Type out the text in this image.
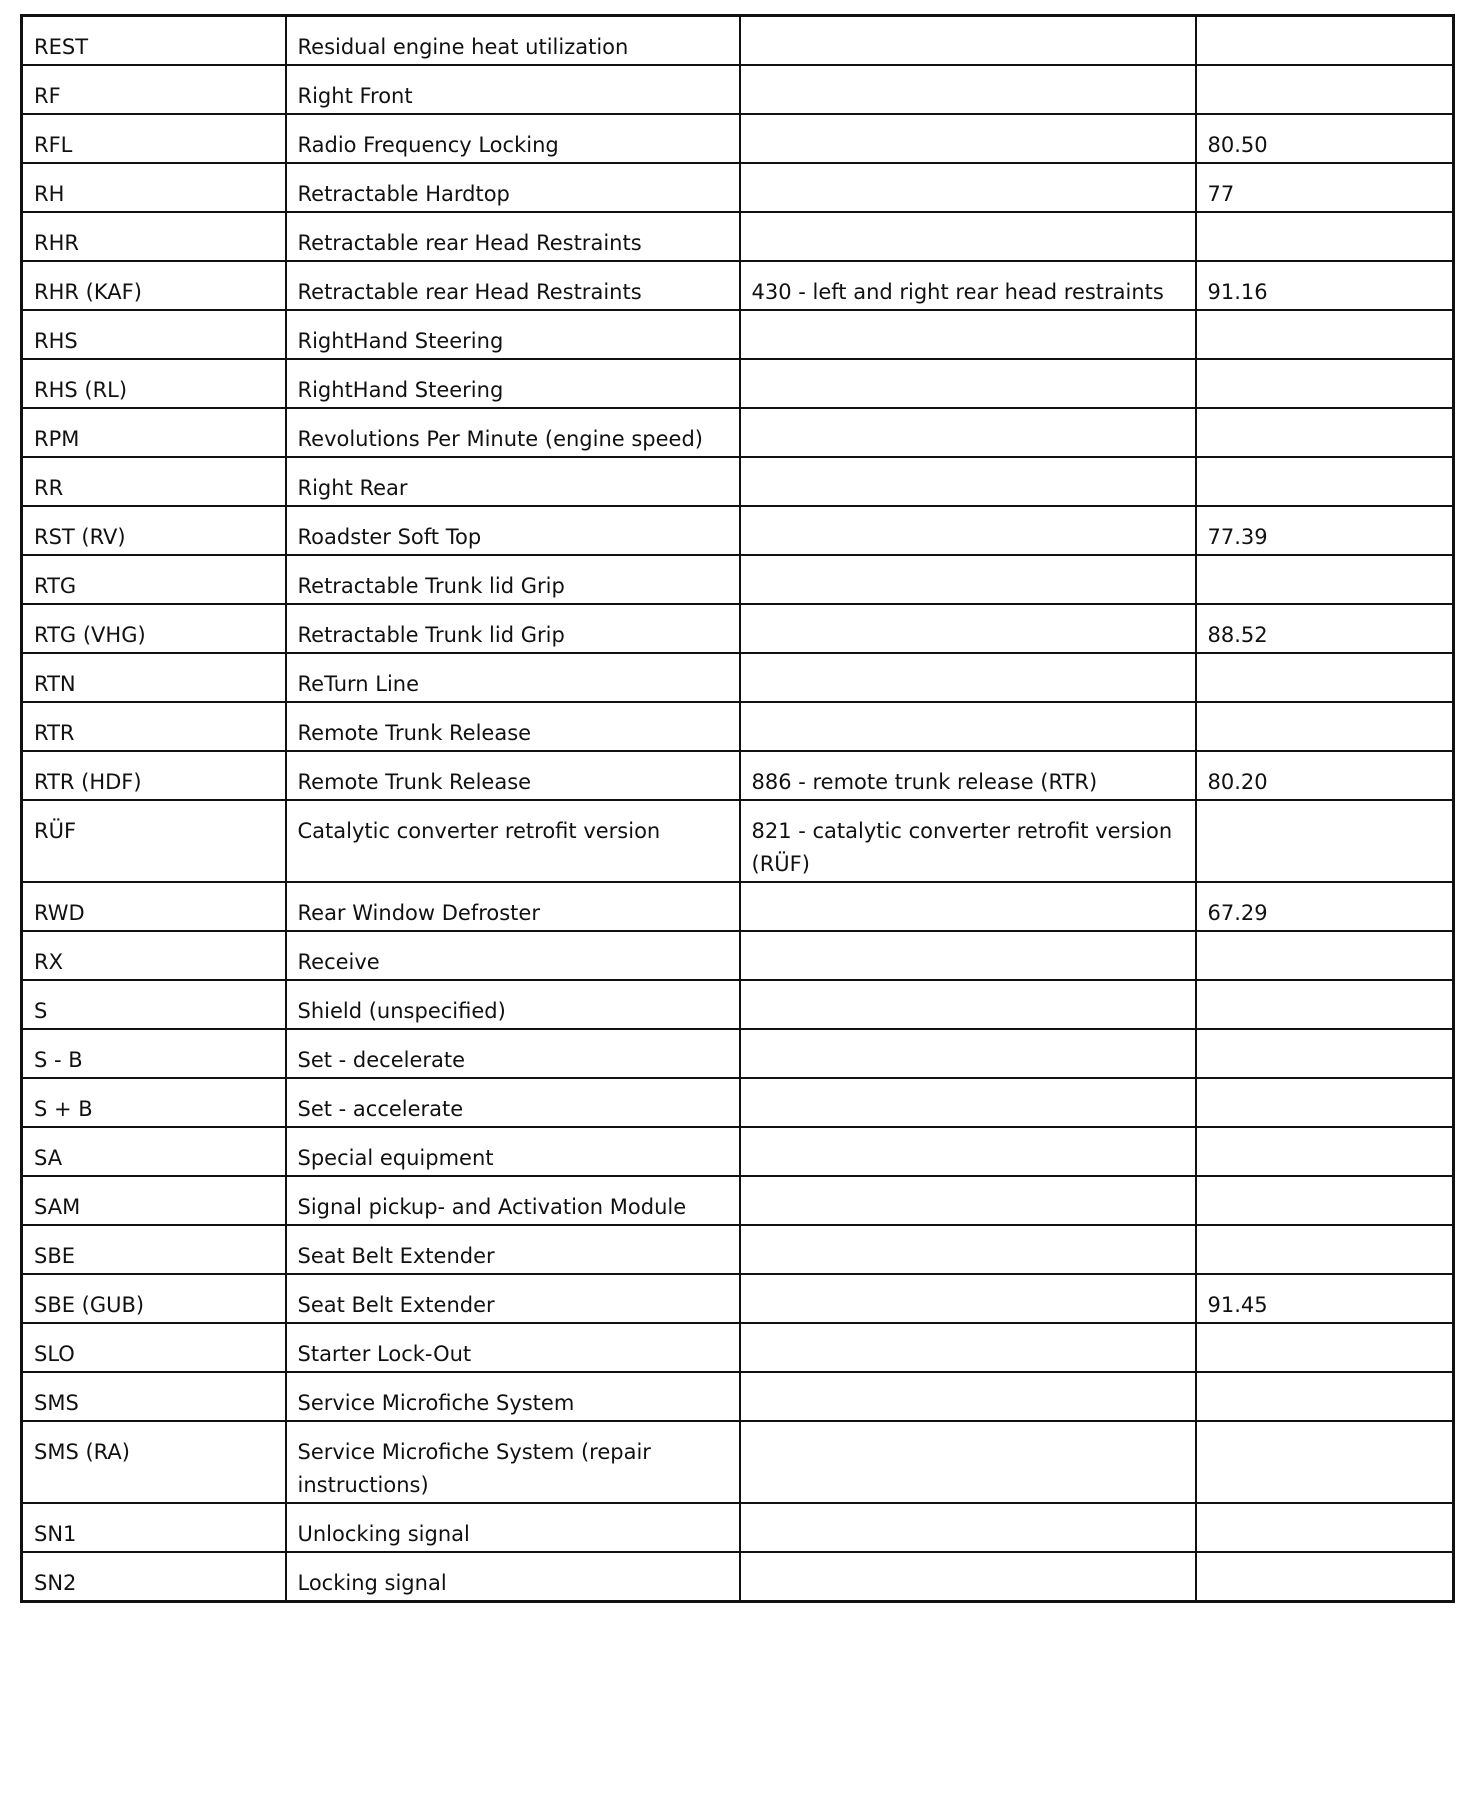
REST	Residual engine heat utilization		
RF	Right Front		
RFL	Radio Frequency Locking		80.50
RH	Retractable Hardtop		77
RHR	Retractable rear Head Restraints		
RHR (KAF)	Retractable rear Head Restraints	430 - left and right rear head restraints	91.16
RHS	RightHand Steering		
RHS (RL)	RightHand Steering		
RPM	Revolutions Per Minute (engine speed)		
RR	Right Rear		
RST (RV)	Roadster Soft Top		77.39
RTG	Retractable Trunk lid Grip		
RTG (VHG)	Retractable Trunk lid Grip		88.52
RTN	ReTurn Line		
RTR	Remote Trunk Release		
RTR (HDF)	Remote Trunk Release	886 - remote trunk release (RTR)	80.20
RÜF	Catalytic converter retrofit version	821 - catalytic converter retrofit version (RÜF)	
RWD	Rear Window Defroster		67.29
RX	Receive		
S	Shield (unspecified)		
S - B	Set - decelerate		
S + B	Set - accelerate		
SA	Special equipment		
SAM	Signal pickup- and Activation Module		
SBE	Seat Belt Extender		
SBE (GUB)	Seat Belt Extender		91.45
SLO	Starter Lock-Out		
SMS	Service Microfiche System		
SMS (RA)	Service Microfiche System (repair instructions)		
SN1	Unlocking signal		
SN2	Locking signal		
